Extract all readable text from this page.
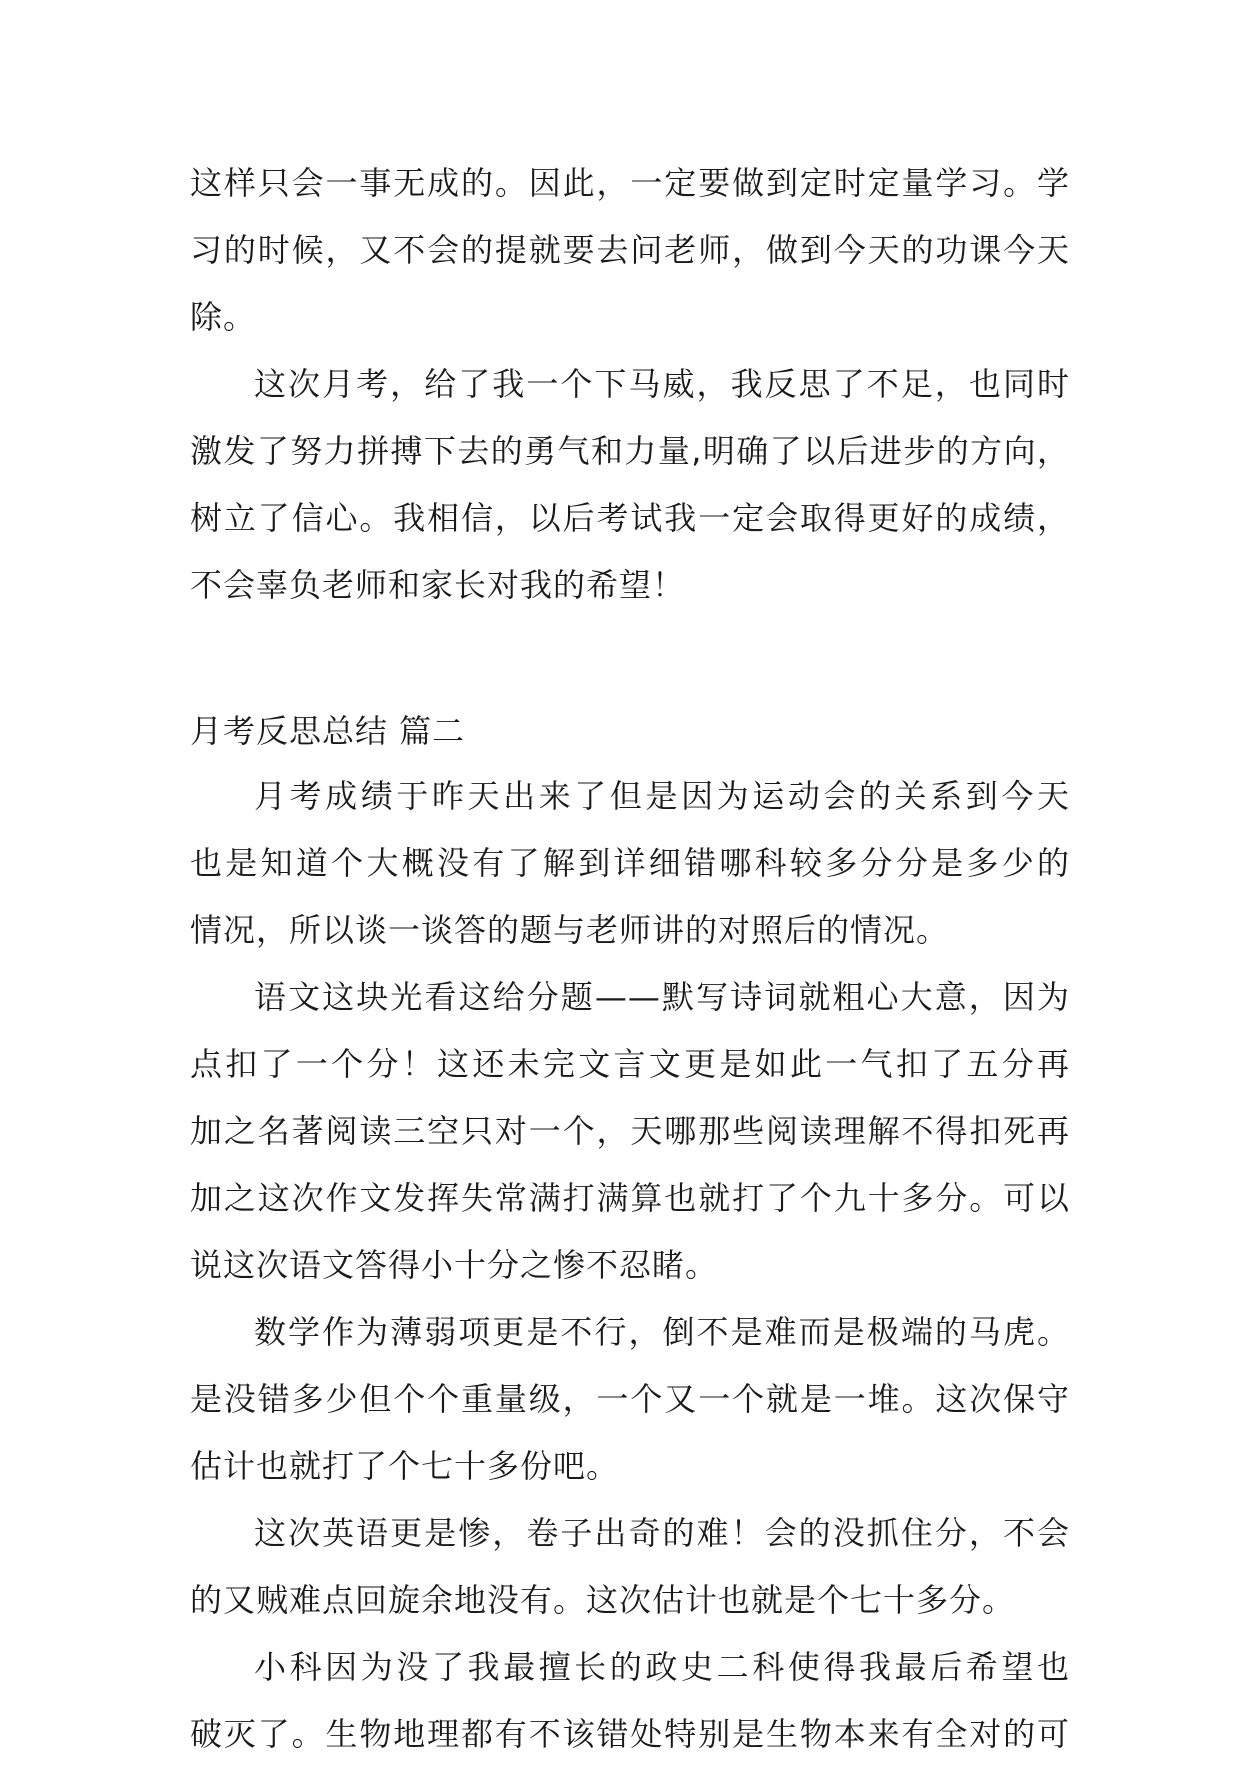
这样只会一事无成的。因此，一定要做到定时定量学习。学
习的时候，又不会的提就要去问老师，做到今天的功课今天
除。
这次月考，给了我一个下马威，我反思了不足，也同时
激发了努力拼搏下去的勇气和力量,明确了以后进步的方向，
树立了信心。我相信，以后考试我一定会取得更好的成绩，
不会辜负老师和家长对我的希望！
月考反思总结 篇二
月考成绩于昨天出来了但是因为运动会的关系到今天
也是知道个大概没有了解到详细错哪科较多分分是多少的
情况，所以谈一谈答的题与老师讲的对照后的情况。
语文这块光看这给分题——默写诗词就粗心大意，因为
点扣了一个分！这还未完文言文更是如此一气扣了五分再
加之名著阅读三空只对一个，天哪那些阅读理解不得扣死再
加之这次作文发挥失常满打满算也就打了个九十多分。可以
说这次语文答得小十分之惨不忍睹。
数学作为薄弱项更是不行，倒不是难而是极端的马虎。
是没错多少但个个重量级，一个又一个就是一堆。这次保守
估计也就打了个七十多份吧。
这次英语更是惨，卷子出奇的难！会的没抓住分，不会
的又贼难点回旋余地没有。这次估计也就是个七十多分。
小科因为没了我最擅长的政史二科使得我最后希望也
破灭了。生物地理都有不该错处特别是生物本来有全对的可
